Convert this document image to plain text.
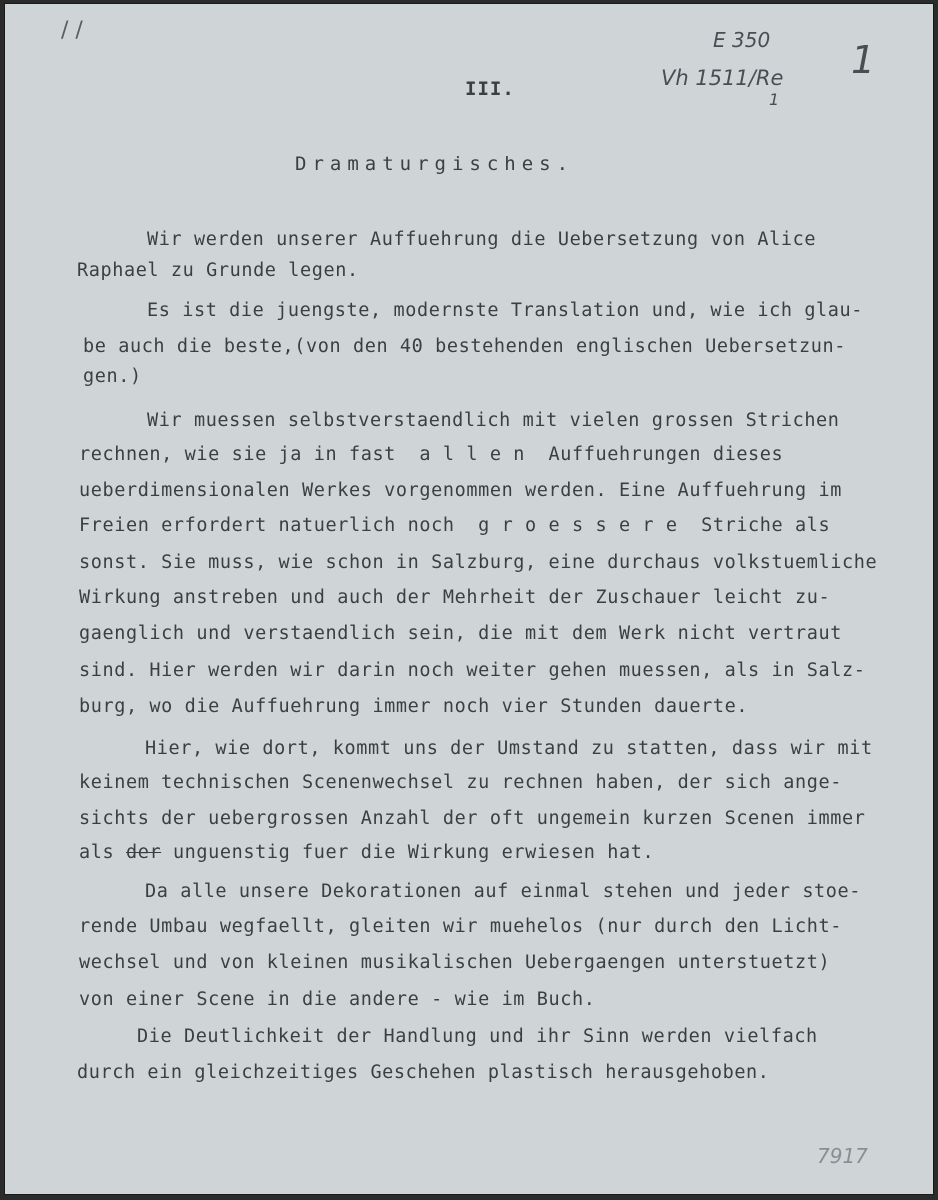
/ /	E 350
Vh 1511/Re
1
1
7917
III.
Dramaturgisches.
Wir werden unserer Auffuehrung die Uebersetzung von Alice
Raphael zu Grunde legen.
Es ist die juengste, modernste Translation und, wie ich glau-
be auch die beste,(von den 40 bestehenden englischen Uebersetzun-
gen.)
Wir muessen selbstverstaendlich mit vielen grossen Strichen
rechnen, wie sie ja in fast  a l l e n  Auffuehrungen dieses
ueberdimensionalen Werkes vorgenommen werden. Eine Auffuehrung im
Freien erfordert natuerlich noch  g r o e s s e r e  Striche als
sonst. Sie muss, wie schon in Salzburg, eine durchaus volkstuemliche
Wirkung anstreben und auch der Mehrheit der Zuschauer leicht zu-
gaenglich und verstaendlich sein, die mit dem Werk nicht vertraut
sind. Hier werden wir darin noch weiter gehen muessen, als in Salz-
burg, wo die Auffuehrung immer noch vier Stunden dauerte.
Hier, wie dort, kommt uns der Umstand zu statten, dass wir mit
keinem technischen Scenenwechsel zu rechnen haben, der sich ange-
sichts der uebergrossen Anzahl der oft ungemein kurzen Scenen immer
als der unguenstig fuer die Wirkung erwiesen hat.
Da alle unsere Dekorationen auf einmal stehen und jeder stoe-
rende Umbau wegfaellt, gleiten wir muehelos (nur durch den Licht-
wechsel und von kleinen musikalischen Uebergaengen unterstuetzt)
von einer Scene in die andere - wie im Buch.
Die Deutlichkeit der Handlung und ihr Sinn werden vielfach
durch ein gleichzeitiges Geschehen plastisch herausgehoben.
